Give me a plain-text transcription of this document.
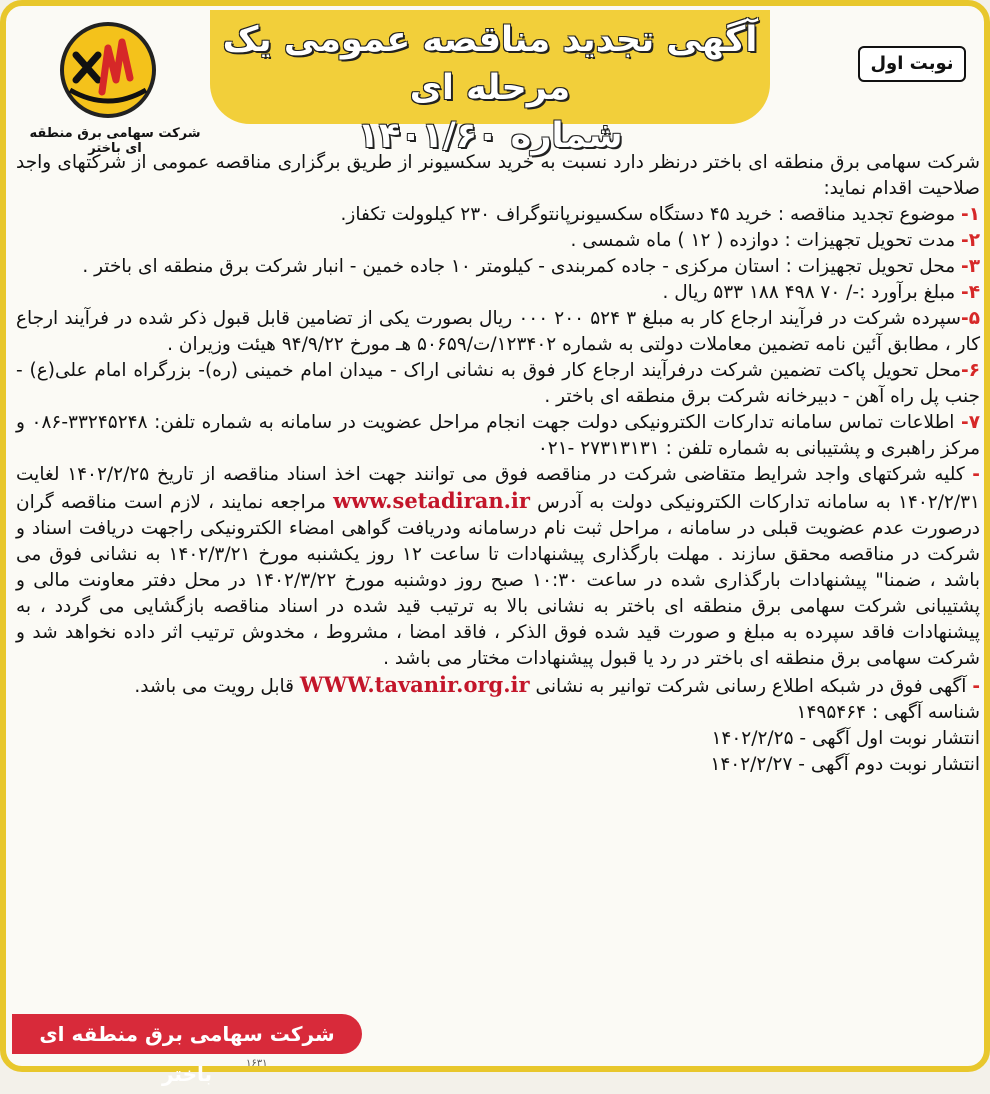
آگهی تجدید مناقصه عمومی یک مرحله ای
شماره ۱۴۰۱/۶۰
نوبت اول
شرکت سهامی برق منطقه ای باختر

شرکت سهامی برق منطقه ای باختر درنظر دارد نسبت به خرید سکسیونر از طریق برگزاری مناقصه عمومی از شرکتهای واجد صلاحیت اقدام نماید:

۱- موضوع تجدید مناقصه : خرید ۴۵ دستگاه سکسیونرپانتوگراف ۲۳۰ کیلوولت تکفاز.

۲- مدت تحویل تجهیزات : دوازده ( ۱۲ ) ماه شمسی .

۳- محل تحویل تجهیزات : استان مرکزی - جاده کمربندی - کیلومتر ۱۰ جاده خمین - انبار شرکت برق منطقه ای باختر .

۴- مبلغ برآورد :-/ ۷۰ ۴۹۸ ۱۸۸ ۵۳۳ ریال .

۵-سپرده شرکت در فرآیند ارجاع کار به مبلغ ۳ ۵۲۴ ۲۰۰ ۰۰۰ ریال بصورت یکی از تضامین قابل قبول ذکر شده در فرآیند ارجاع کار ، مطابق آئین نامه تضمین معاملات دولتی به شماره ۱۲۳۴۰۲/ت/۵۰۶۵۹ هـ مورخ ۹۴/۹/۲۲ هیئت وزیران .

۶-محل تحویل پاکت تضمین شرکت درفرآیند ارجاع کار فوق به نشانی اراک - میدان امام خمینی (ره)- بزرگراه امام علی(ع) - جنب پل راه آهن - دبیرخانه شرکت برق منطقه ای باختر .

۷- اطلاعات تماس سامانه تدارکات الکترونیکی دولت جهت انجام مراحل عضویت در سامانه به شماره تلفن: ۳۳۲۴۵۲۴۸-۰۸۶ و مرکز راهبری و پشتیبانی به شماره تلفن : ۲۷۳۱۳۱۳۱ -۰۲۱

- کلیه شرکتهای واجد شرایط متقاضی شرکت در مناقصه فوق می توانند جهت اخذ اسناد مناقصه از تاریخ ۱۴۰۲/۲/۲۵ لغایت ۱۴۰۲/۲/۳۱ به سامانه تدارکات الکترونیکی دولت به آدرس www.setadiran.ir مراجعه نمایند ، لازم است مناقصه گران درصورت عدم عضویت قبلی در سامانه ، مراحل ثبت نام درسامانه ودریافت گواهی امضاء الکترونیکی راجهت دریافت اسناد و شرکت در مناقصه محقق سازند . مهلت بارگذاری پیشنهادات تا ساعت ۱۲ روز یکشنبه مورخ ۱۴۰۲/۳/۲۱ به نشانی فوق می باشد ، ضمنا" پیشنهادات بارگذاری شده در ساعت ۱۰:۳۰ صبح روز دوشنبه مورخ ۱۴۰۲/۳/۲۲ در محل دفتر معاونت مالی و پشتیبانی شرکت سهامی برق منطقه ای باختر به نشانی بالا به ترتیب قید شده در اسناد مناقصه بازگشایی می گردد ، به پیشنهادات فاقد سپرده به مبلغ و صورت قید شده فوق الذکر ، فاقد امضا ، مشروط ، مخدوش ترتیب اثر داده نخواهد شد و شرکت سهامی برق منطقه ای باختر در رد یا قبول پیشنهادات مختار می باشد .

- آگهی فوق در شبکه اطلاع رسانی شرکت توانیر به نشانی WWW.tavanir.org.ir قابل رویت می باشد.

شناسه آگهی : ۱۴۹۵۴۶۴

انتشار نوبت اول آگهی - ۱۴۰۲/۲/۲۵

انتشار نوبت دوم آگهی - ۱۴۰۲/۲/۲۷

شرکت سهامی برق منطقه ای باختر	۱۶۳۱
